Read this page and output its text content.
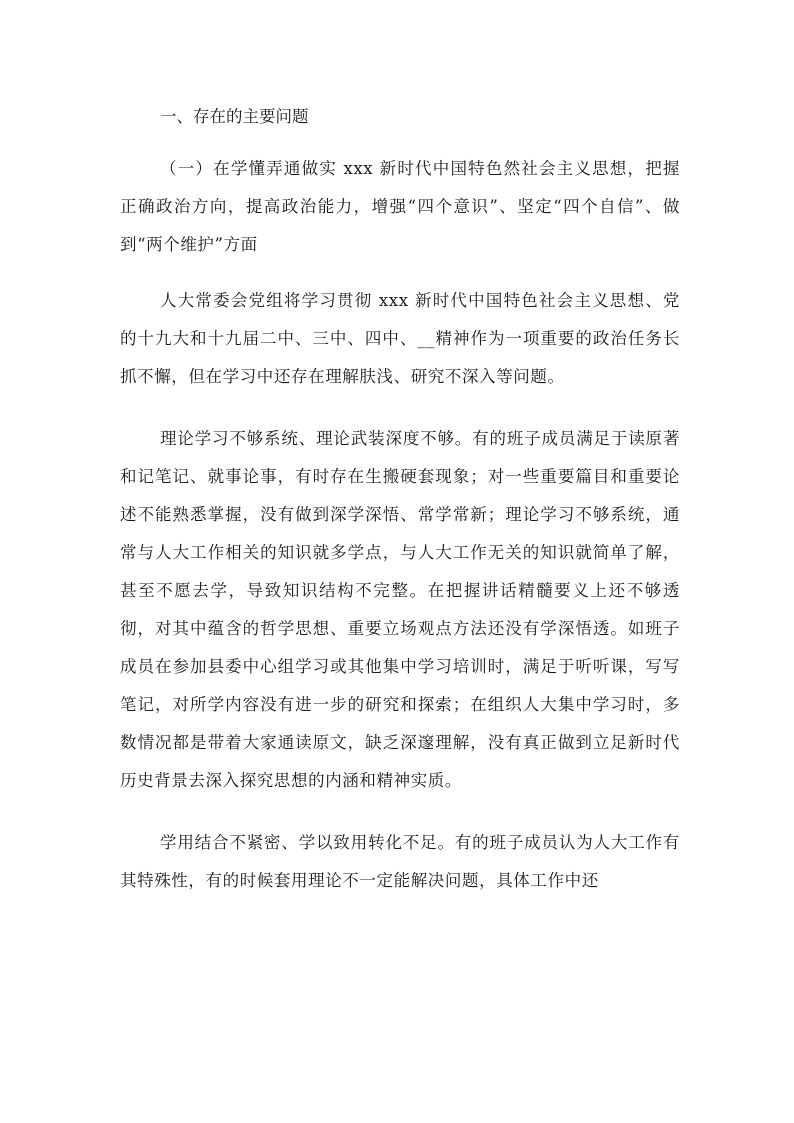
一、存在的主要问题

（一）在学懂弄通做实 xxx 新时代中国特色然社会主义思想，把握正确政治方向，提高政治能力，增强“四个意识”、坚定“四个自信”、做到“两个维护”方面

人大常委会党组将学习贯彻 xxx 新时代中国特色社会主义思想、党的十九大和十九届二中、三中、四中、__精神作为一项重要的政治任务长抓不懈，但在学习中还存在理解肤浅、研究不深入等问题。

理论学习不够系统、理论武装深度不够。有的班子成员满足于读原著和记笔记、就事论事，有时存在生搬硬套现象；对一些重要篇目和重要论述不能熟悉掌握，没有做到深学深悟、常学常新；理论学习不够系统，通常与人大工作相关的知识就多学点，与人大工作无关的知识就简单了解，甚至不愿去学，导致知识结构不完整。在把握讲话精髓要义上还不够透彻，对其中蕴含的哲学思想、重要立场观点方法还没有学深悟透。如班子成员在参加县委中心组学习或其他集中学习培训时，满足于听听课，写写笔记，对所学内容没有进一步的研究和探索；在组织人大集中学习时，多数情况都是带着大家通读原文，缺乏深邃理解，没有真正做到立足新时代历史背景去深入探究思想的内涵和精神实质。

学用结合不紧密、学以致用转化不足。有的班子成员认为人大工作有其特殊性，有的时候套用理论不一定能解决问题，具体工作中还
